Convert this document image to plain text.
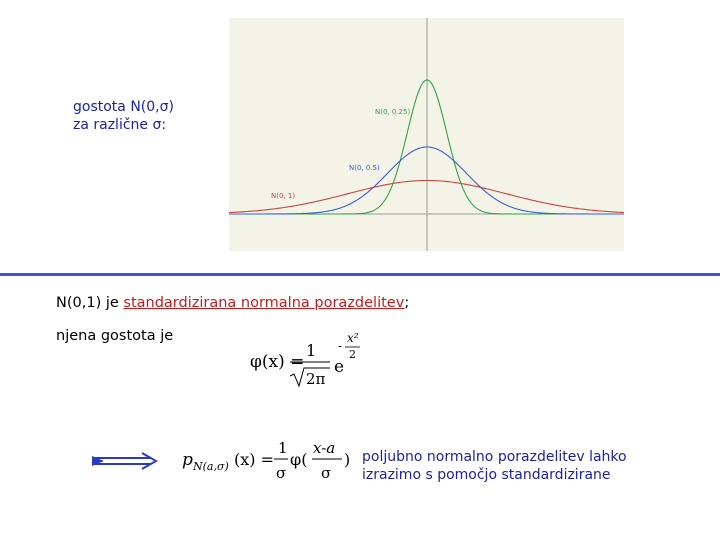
N(0, 0.25)
N(0, 0.5)
N(0, 1)
gostota N(0,σ)
za različne σ:
N(0,1) je standardizirana normalna porazdelitev;
njena gostota je
φ(x) =
1
2π
e
-
x²
2
p N(a,σ) (x) =
1
σ
φ(
x-a
σ
) poljubno normalno porazdelitev lahko
izrazimo s pomočjo standardizirane
